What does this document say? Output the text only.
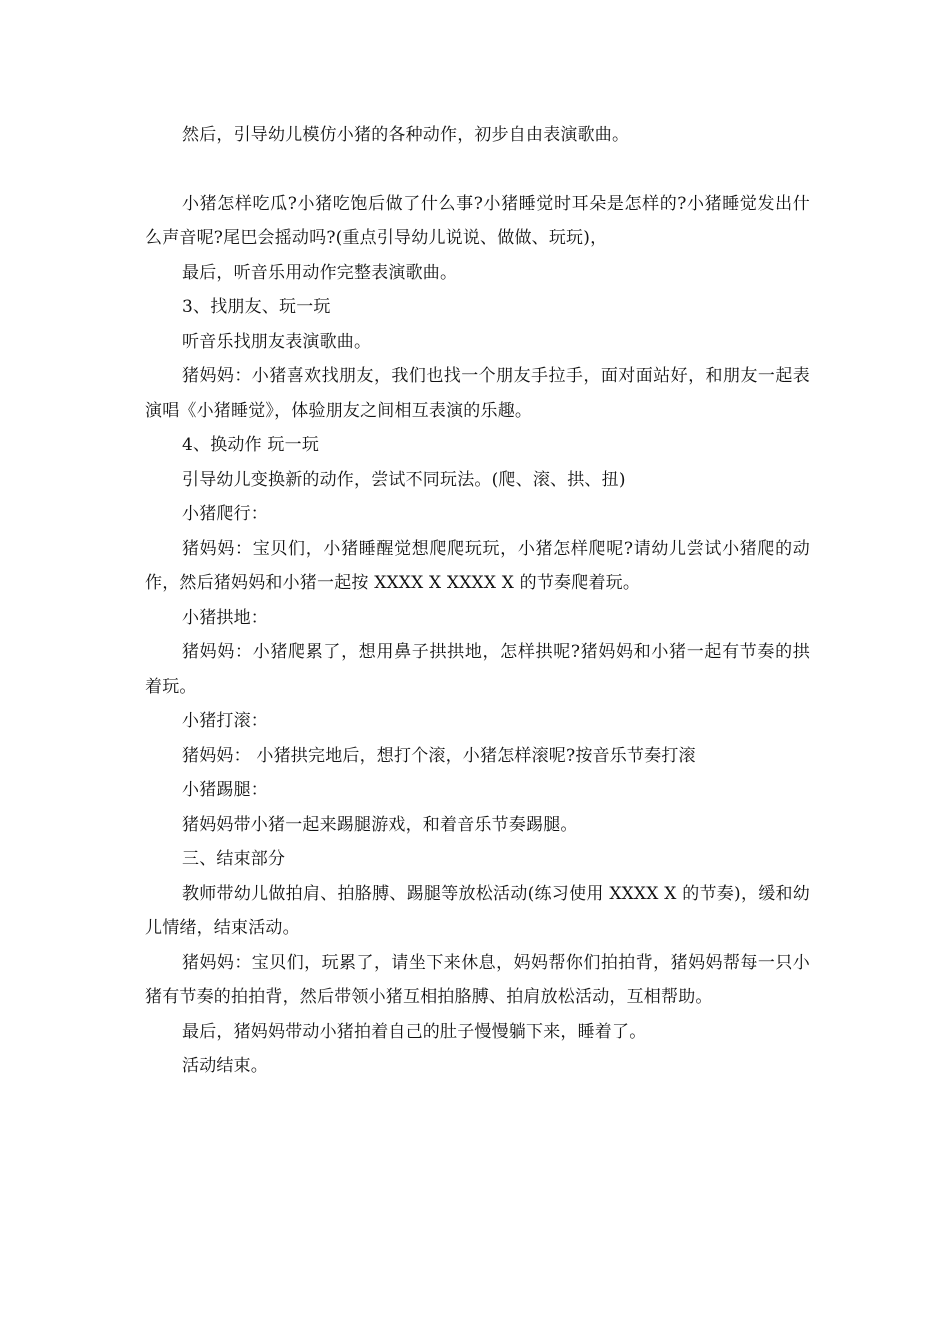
然后，引导幼儿模仿小猪的各种动作，初步自由表演歌曲。

小猪怎样吃瓜?小猪吃饱后做了什么事?小猪睡觉时耳朵是怎样的?小猪睡觉发出什么声音呢?尾巴会摇动吗?(重点引导幼儿说说、做做、玩玩)，

最后，听音乐用动作完整表演歌曲。

3、找朋友、玩一玩

听音乐找朋友表演歌曲。

猪妈妈：小猪喜欢找朋友，我们也找一个朋友手拉手，面对面站好，和朋友一起表演唱《小猪睡觉》，体验朋友之间相互表演的乐趣。

4、换动作 玩一玩

引导幼儿变换新的动作，尝试不同玩法。(爬、滚、拱、扭)

小猪爬行：

猪妈妈：宝贝们，小猪睡醒觉想爬爬玩玩，小猪怎样爬呢?请幼儿尝试小猪爬的动作，然后猪妈妈和小猪一起按 XXXX X XXXX X 的节奏爬着玩。

小猪拱地：

猪妈妈：小猪爬累了，想用鼻子拱拱地，怎样拱呢?猪妈妈和小猪一起有节奏的拱着玩。

小猪打滚：

猪妈妈： 小猪拱完地后，想打个滚，小猪怎样滚呢?按音乐节奏打滚

小猪踢腿：

猪妈妈带小猪一起来踢腿游戏，和着音乐节奏踢腿。

三、结束部分

教师带幼儿做拍肩、拍胳膊、踢腿等放松活动(练习使用 XXXX X 的节奏)，缓和幼儿情绪，结束活动。

猪妈妈：宝贝们，玩累了，请坐下来休息，妈妈帮你们拍拍背，猪妈妈帮每一只小猪有节奏的拍拍背，然后带领小猪互相拍胳膊、拍肩放松活动，互相帮助。

最后，猪妈妈带动小猪拍着自己的肚子慢慢躺下来，睡着了。

活动结束。
